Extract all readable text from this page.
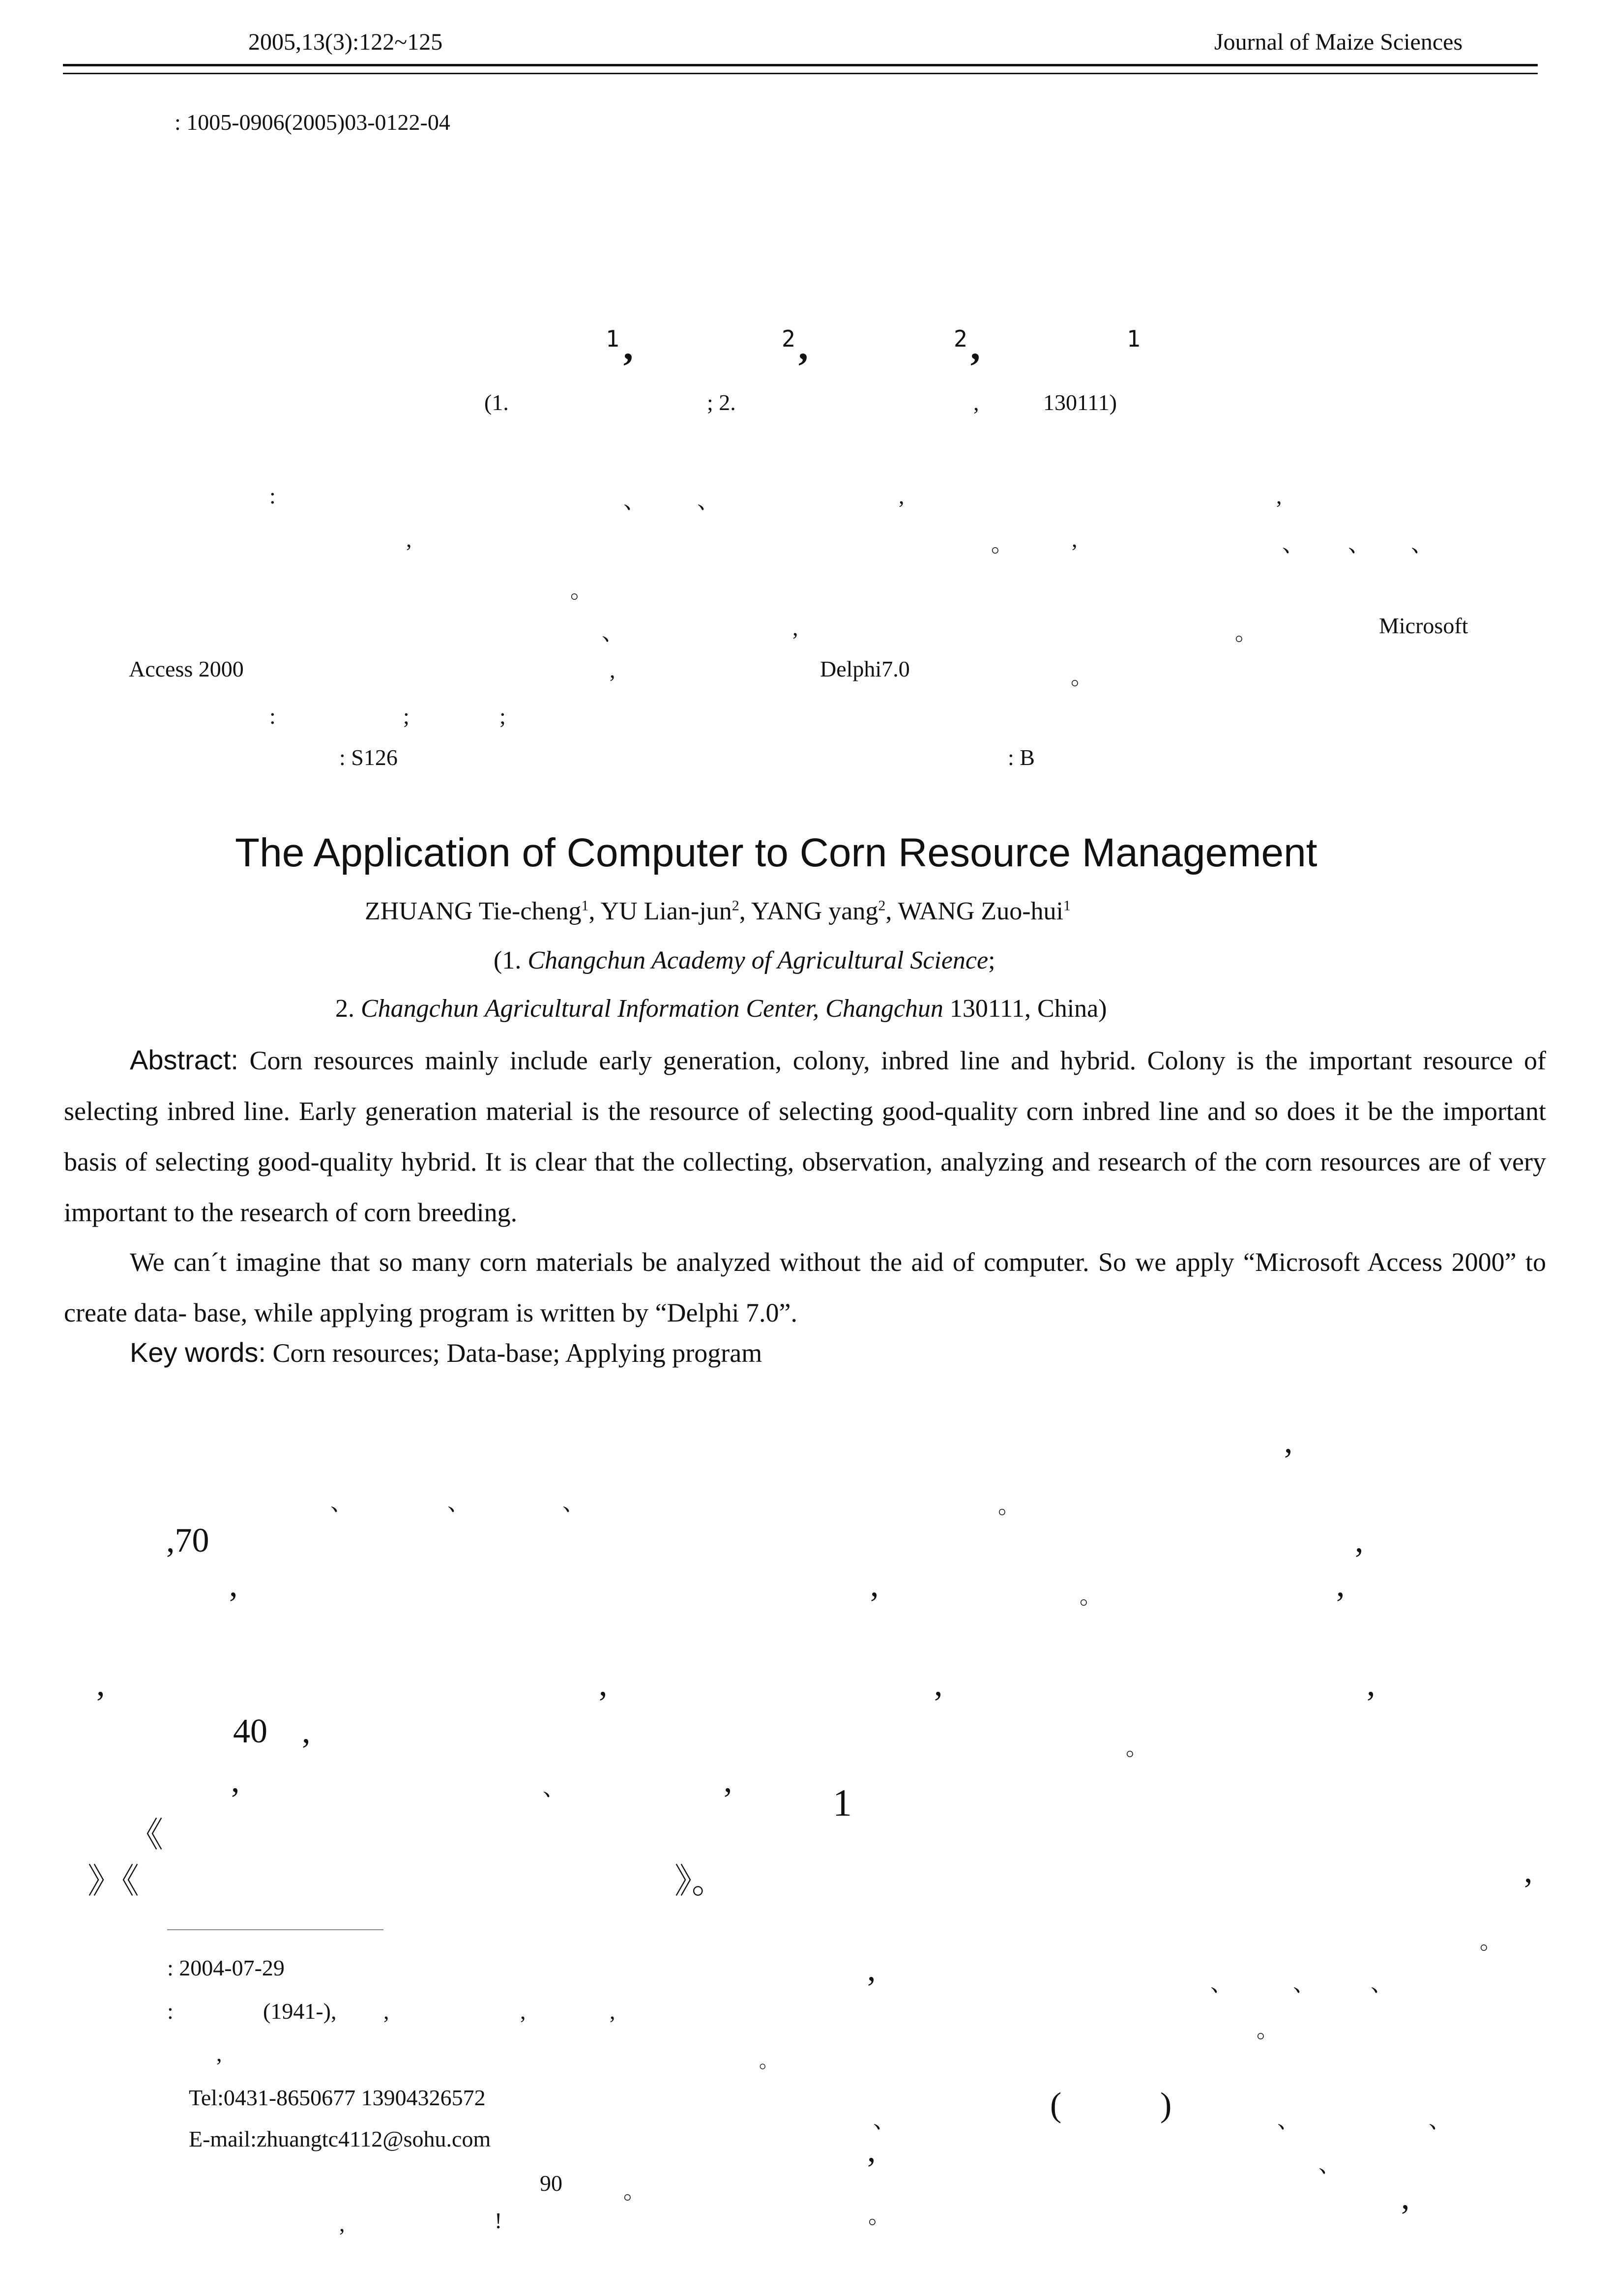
2005,13(3):122~125	Journal of Maize Sciences
: 1005-0906(2005)03-0122-04
1 ,	2 ,	2 ,	1
(1.	; 2.	,	130111)
:	、 、	,	,
,	。	,	、 、 、
。
、	,	。	Microsoft
Access 2000	,	Delphi7.0	。
:	;	;
: S126	: B
The Application of Computer to Corn Resource Management
ZHUANG Tie-cheng$^1$, YU Lian-jun$^2$, YANG yang$^2$, WANG Zuo-hui$^1$
(1. Changchun Academy of Agricultural Science;
2. Changchun Agricultural Information Center, Changchun 130111, China)
Abstract: Corn resources mainly include early generation, colony, inbred line and hybrid. Colony is the important resource of selecting inbred line. Early generation material is the resource of selecting good-quality corn inbred line and so does it be the important basis of selecting good-quality hybrid. It is clear that the collecting, observation, analyzing and research of the corn resources are of very important to the research of corn breeding.
We can´t imagine that so many corn materials be analyzed without the aid of computer. So we apply “Microsoft Access 2000” to create data- base, while applying program is written by “Delphi 7.0”.
Key words: Corn resources; Data-base; Applying program
,
、	、	、	。
,70	,
,	,	。	,
,	,	,	,
40 ,	。
,	、	,
《
》《	》。
1
,
。
,	、	、 、
。
、	(	)	、	、
,	、
。	,
: 2004-07-29
:	(1941-), ,	,	,
,	。
Tel:0431-8650677 13904326572
E-mail:zhuangtc4112@sohu.com
90	。
,	!
